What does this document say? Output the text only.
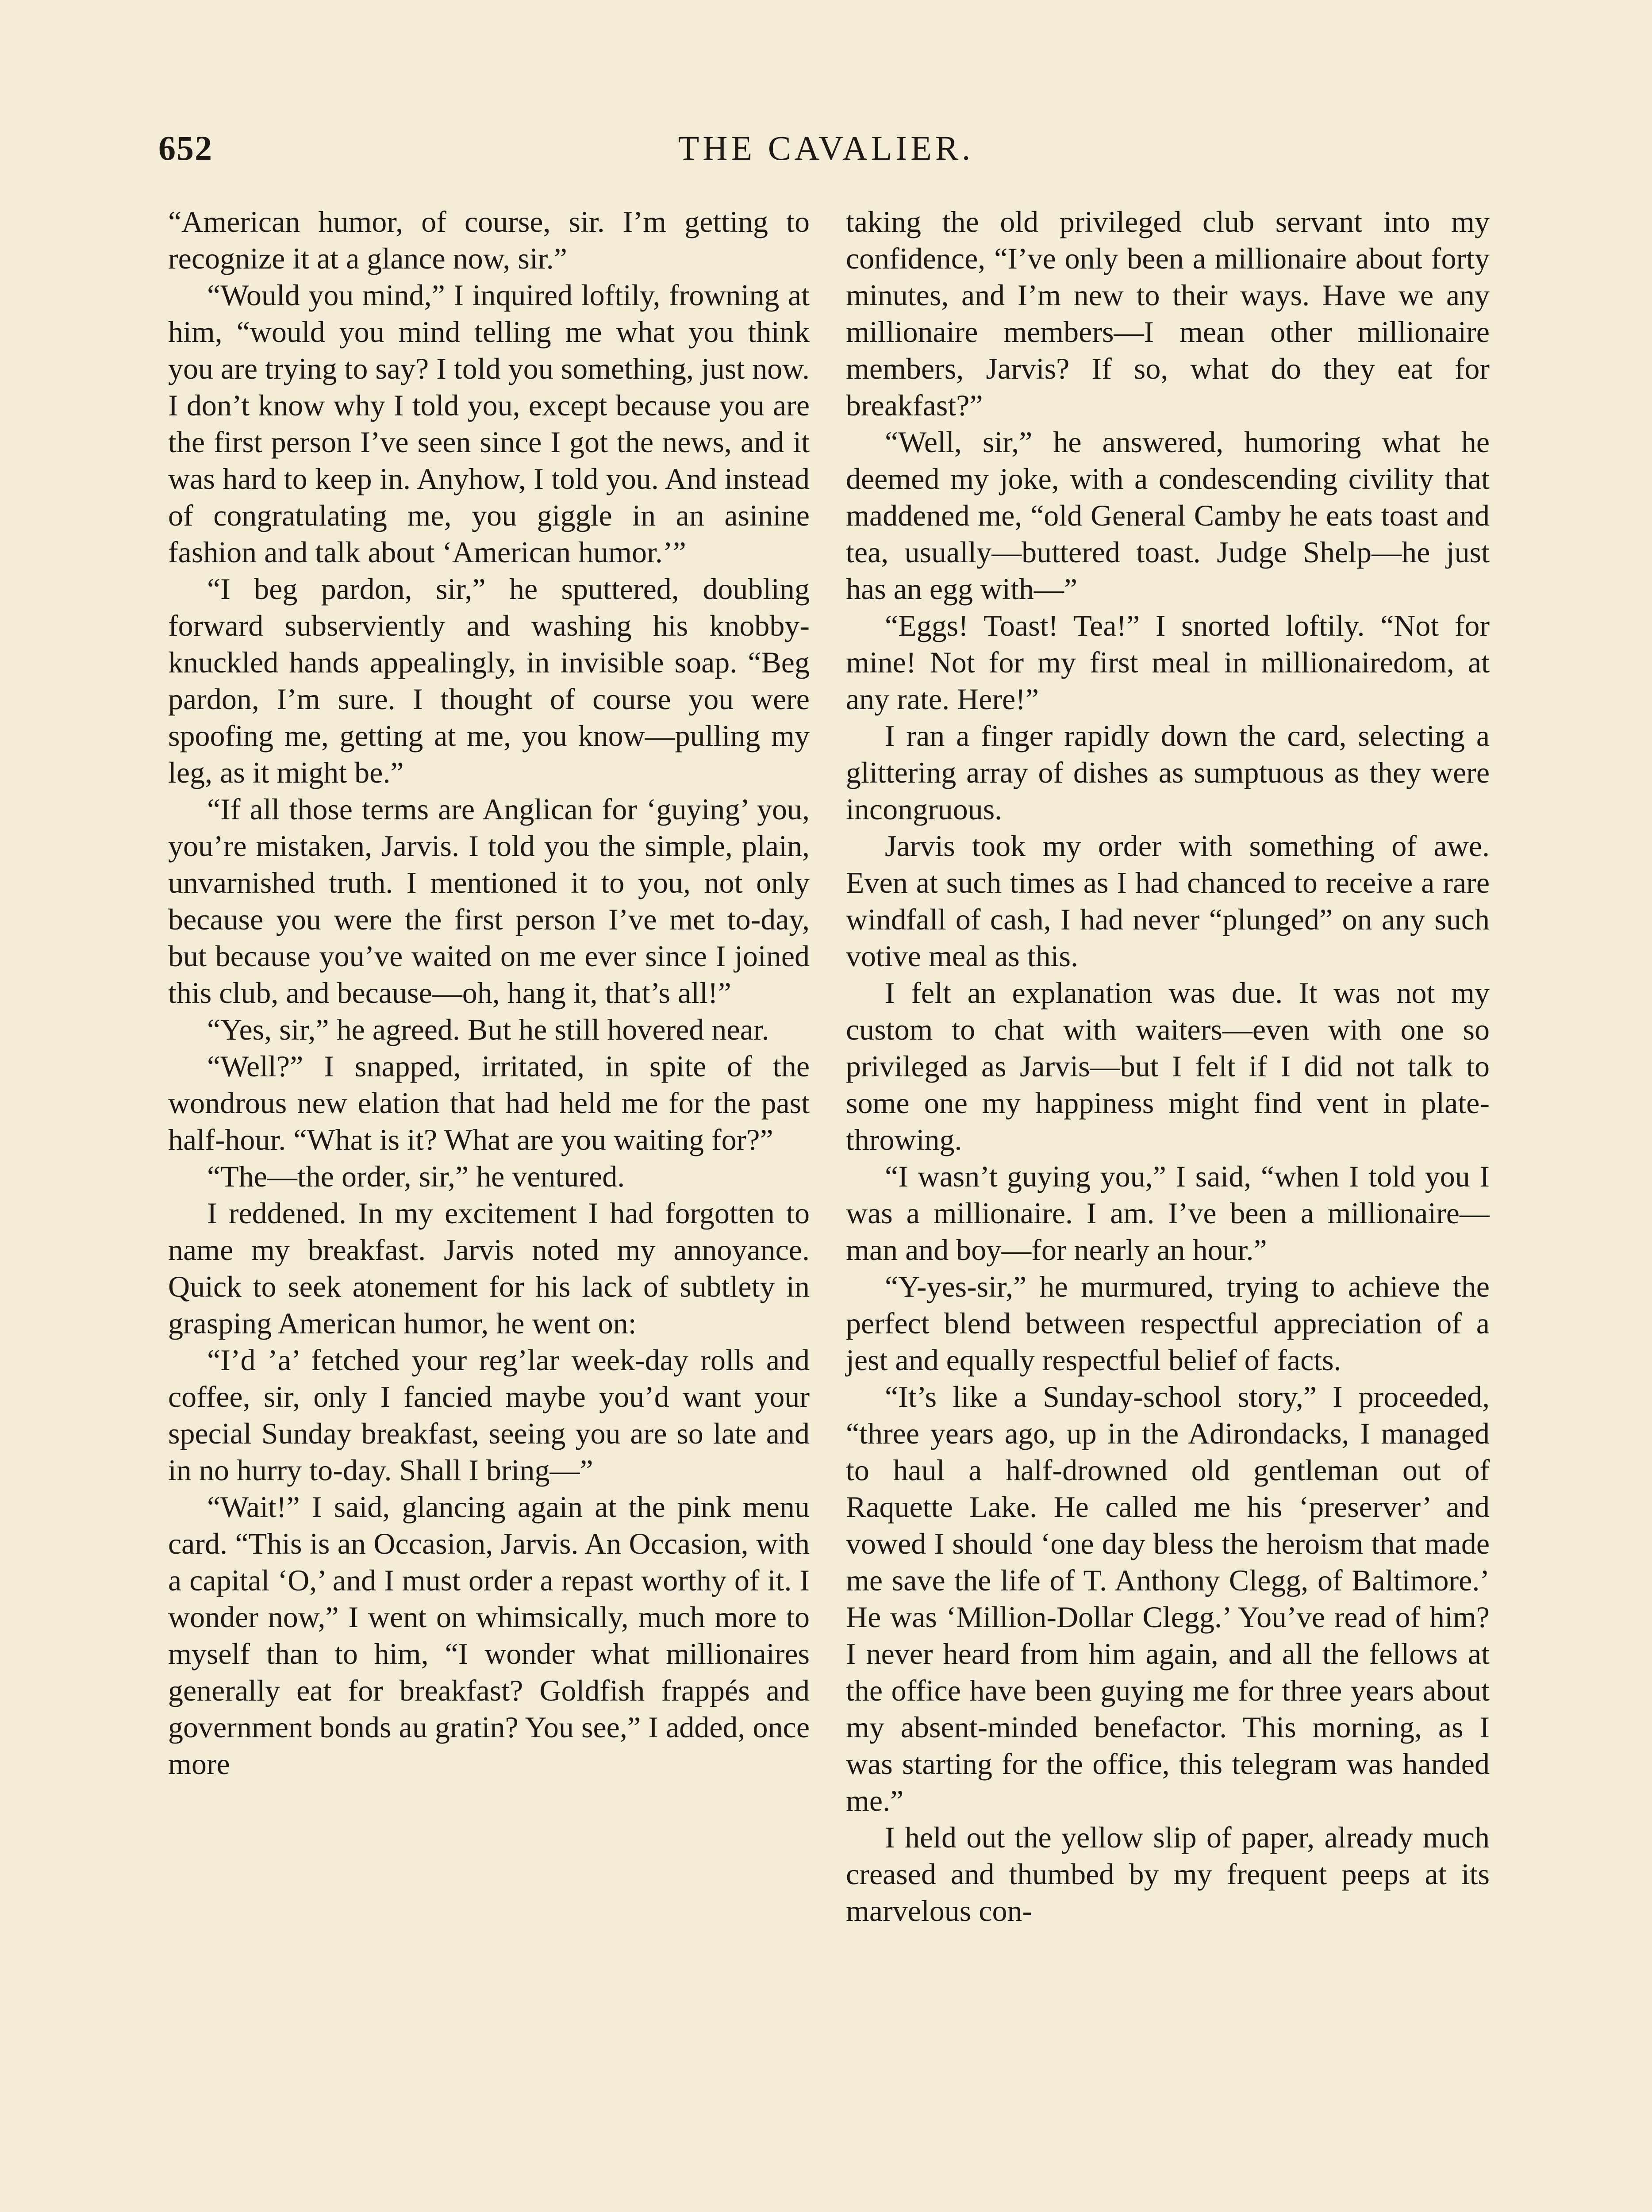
652	THE CAVALIER.

“American humor, of course, sir. I’m getting to recognize it at a glance now, sir.”

“Would you mind,” I inquired loftily, frowning at him, “would you mind telling me what you think you are trying to say? I told you something, just now. I don’t know why I told you, except because you are the first person I’ve seen since I got the news, and it was hard to keep in. Anyhow, I told you. And instead of congratulating me, you giggle in an asinine fashion and talk about ‘American humor.’”

“I beg pardon, sir,” he sputtered, doubling forward subserviently and washing his knobby-knuckled hands appealingly, in invisible soap. “Beg pardon, I’m sure. I thought of course you were spoofing me, getting at me, you know—pulling my leg, as it might be.”

“If all those terms are Anglican for ‘guying’ you, you’re mistaken, Jarvis. I told you the simple, plain, unvarnished truth. I mentioned it to you, not only because you were the first person I’ve met to-day, but because you’ve waited on me ever since I joined this club, and because—oh, hang it, that’s all!”

“Yes, sir,” he agreed. But he still hovered near.

“Well?” I snapped, irritated, in spite of the wondrous new elation that had held me for the past half-hour. “What is it? What are you waiting for?”

“The—the order, sir,” he ventured.

I reddened. In my excitement I had forgotten to name my breakfast. Jarvis noted my annoyance. Quick to seek atonement for his lack of subtlety in grasping American humor, he went on:

“I’d ’a’ fetched your reg’lar week-day rolls and coffee, sir, only I fancied maybe you’d want your special Sunday breakfast, seeing you are so late and in no hurry to-day. Shall I bring—”

“Wait!” I said, glancing again at the pink menu card. “This is an Occasion, Jarvis. An Occasion, with a capital ‘O,’ and I must order a repast worthy of it. I wonder now,” I went on whimsically, much more to myself than to him, “I wonder what millionaires generally eat for breakfast? Goldfish frappés and government bonds au gratin? You see,” I added, once more

taking the old privileged club servant into my confidence, “I’ve only been a millionaire about forty minutes, and I’m new to their ways. Have we any millionaire members—I mean other millionaire members, Jarvis? If so, what do they eat for breakfast?”

“Well, sir,” he answered, humoring what he deemed my joke, with a condescending civility that maddened me, “old General Camby he eats toast and tea, usually—buttered toast. Judge Shelp—he just has an egg with—”

“Eggs! Toast! Tea!” I snorted loftily. “Not for mine! Not for my first meal in millionairedom, at any rate. Here!”

I ran a finger rapidly down the card, selecting a glittering array of dishes as sumptuous as they were incongruous.

Jarvis took my order with something of awe. Even at such times as I had chanced to receive a rare windfall of cash, I had never “plunged” on any such votive meal as this.

I felt an explanation was due. It was not my custom to chat with waiters—even with one so privileged as Jarvis—but I felt if I did not talk to some one my happiness might find vent in plate-throwing.

“I wasn’t guying you,” I said, “when I told you I was a millionaire. I am. I’ve been a millionaire—man and boy—for nearly an hour.”

“Y-yes-sir,” he murmured, trying to achieve the perfect blend between respectful appreciation of a jest and equally respectful belief of facts.

“It’s like a Sunday-school story,” I proceeded, “three years ago, up in the Adirondacks, I managed to haul a half-drowned old gentleman out of Raquette Lake. He called me his ‘preserver’ and vowed I should ‘one day bless the heroism that made me save the life of T. Anthony Clegg, of Baltimore.’ He was ‘Million-Dollar Clegg.’ You’ve read of him? I never heard from him again, and all the fellows at the office have been guying me for three years about my absent-minded benefactor. This morning, as I was starting for the office, this telegram was handed me.”

I held out the yellow slip of paper, already much creased and thumbed by my frequent peeps at its marvelous con-
